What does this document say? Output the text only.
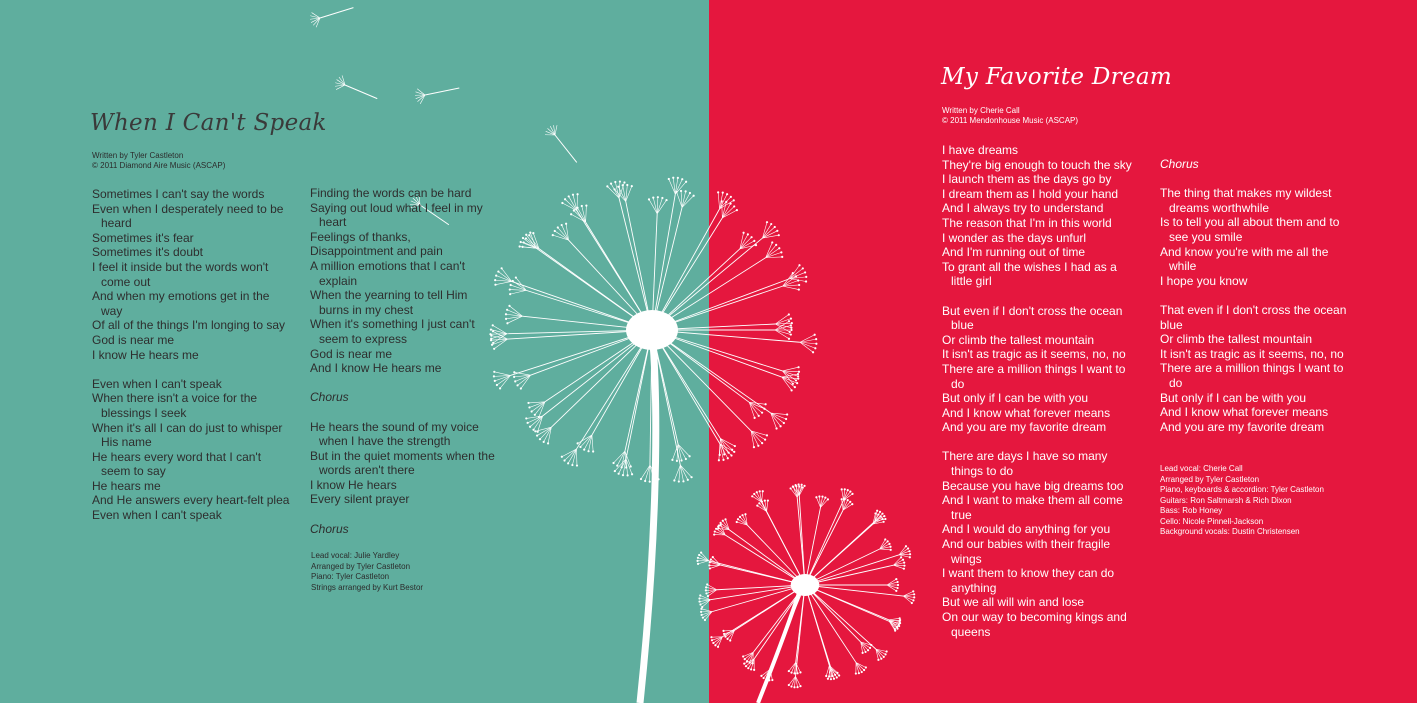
When I Can't Speak
Written by Tyler Castleton
© 2011 Diamond Aire Music (ASCAP)
Sometimes I can't say the words
Even when I desperately need to be heard
Sometimes it's fear
Sometimes it's doubt
I feel it inside but the words won't come out
And when my emotions get in the way
Of all of the things I'm longing to say
God is near me
I know He hears me
Even when I can't speak
When there isn't a voice for the blessings I seek
When it's all I can do just to whisper His name
He hears every word that I can't seem to say
He hears me
And He answers every heart-felt plea
Even when I can't speak
Finding the words can be hard
Saying out loud what I feel in my heart
Feelings of thanks,
Disappointment and pain
A million emotions that I can't explain
When the yearning to tell Him burns in my chest
When it's something I just can't seem to express
God is near me
And I know He hears me
Chorus
He hears the sound of my voice when I have the strength
But in the quiet moments when the words aren't there
I know He hears
Every silent prayer
Chorus
Lead vocal: Julie Yardley
Arranged by Tyler Castleton
Piano: Tyler Castleton
Strings arranged by Kurt Bestor
My Favorite Dream
Written by Cherie Call
© 2011 Mendonhouse Music (ASCAP)
I have dreams
They're big enough to touch the sky
I launch them as the days go by
I dream them as I hold your hand
And I always try to understand
The reason that I'm in this world
I wonder as the days unfurl
And I'm running out of time
To grant all the wishes I had as a little girl
But even if I don't cross the ocean blue
Or climb the tallest mountain
It isn't as tragic as it seems, no, no
There are a million things I want to do
But only if I can be with you
And I know what forever means
And you are my favorite dream
There are days I have so many things to do
Because you have big dreams too
And I want to make them all come true
And I would do anything for you
And our babies with their fragile wings
I want them to know they can do anything
But we all will win and lose
On our way to becoming kings and queens
Chorus
The thing that makes my wildest dreams worthwhile
Is to tell you all about them and to see you smile
And know you're with me all the while
I hope you know
That even if I don't cross the ocean
blue
Or climb the tallest mountain
It isn't as tragic as it seems, no, no
There are a million things I want to do
But only if I can be with you
And I know what forever means
And you are my favorite dream
Lead vocal: Cherie Call
Arranged by Tyler Castleton
Piano, keyboards & accordion: Tyler Castleton
Guitars: Ron Saltmarsh & Rich Dixon
Bass: Rob Honey
Cello: Nicole Pinnell-Jackson
Background vocals: Dustin Christensen
